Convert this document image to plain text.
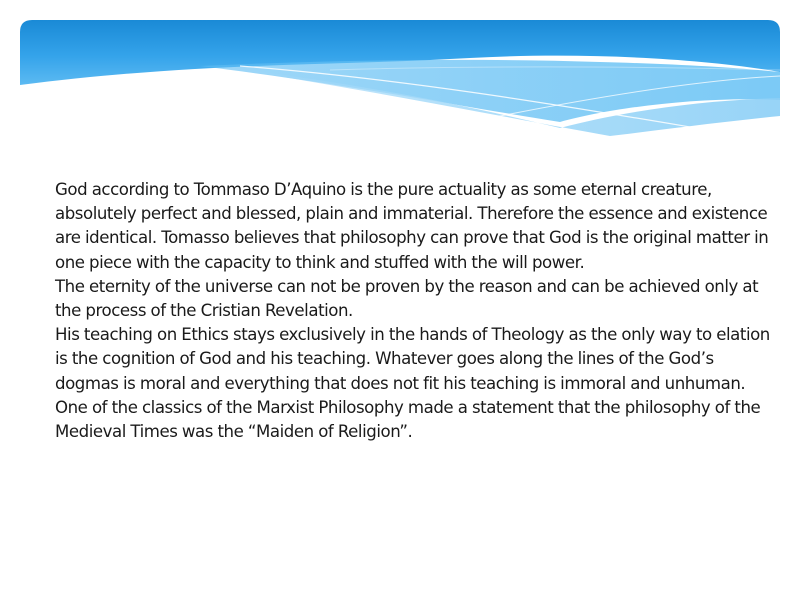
God according to Tommaso D’Aquino is the pure actuality as some eternal creature, absolutely perfect and blessed, plain and immaterial. Therefore the essence and existence are identical. Tomasso believes that philosophy can prove that God is the original matter in one piece with the capacity to think and stuffed with the will power.

The eternity of the universe can not be proven by the reason and can be achieved only at the process of the Cristian Revelation.

His teaching on Ethics stays exclusively in the hands of Theology as the only way to elation is the cognition of God and his teaching. Whatever goes along the lines of the God’s dogmas is moral and everything that does not fit his teaching is immoral and unhuman.

One of the classics of the Marxist Philosophy made a statement that the philosophy of the Medieval Times was the “Maiden of Religion”.
